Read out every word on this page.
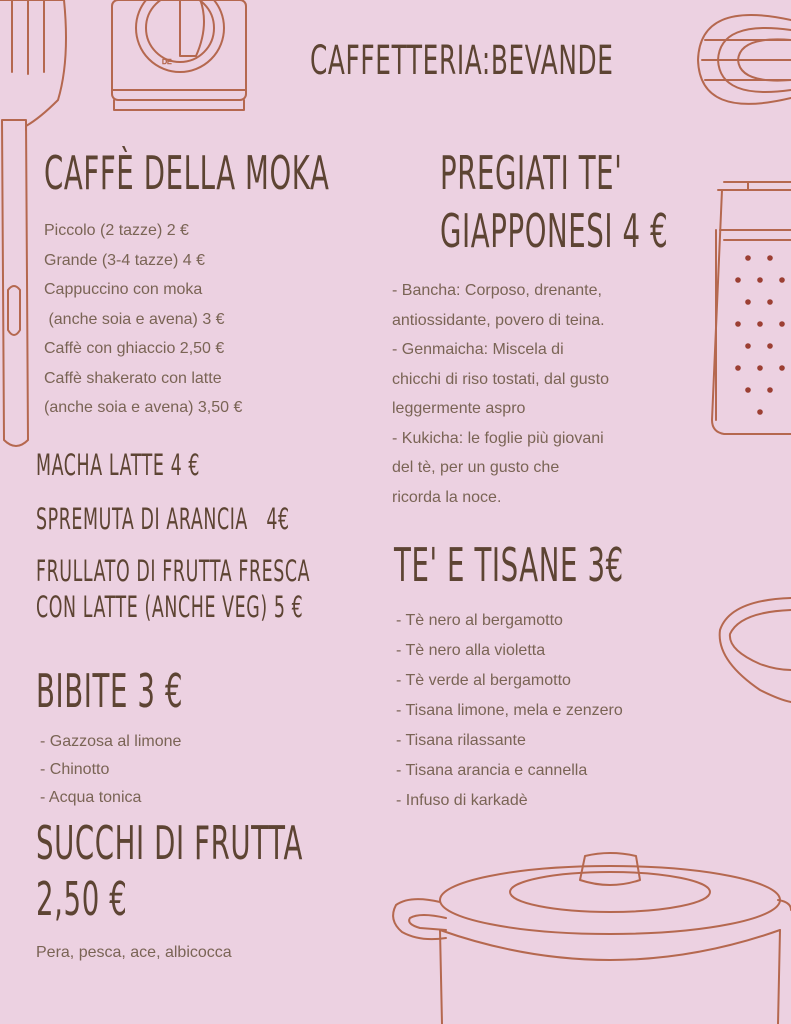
DE	CAFFETTERIA:BEVANDE
CAFFÈ DELLA MOKA
Piccolo (2 tazze) 2 €
Grande (3-4 tazze) 4 €
Cappuccino con moka
(anche soia e avena) 3 €
Caffè con ghiaccio 2,50 €
Caffè shakerato con latte
(anche soia e avena) 3,50 €
MACHA LATTE 4 €
SPREMUTA DI ARANCIA   4€
FRULLATO DI FRUTTA FRESCA
CON LATTE (ANCHE VEG) 5 €
BIBITE 3 €
- Gazzosa al limone
- Chinotto
- Acqua tonica
SUCCHI DI FRUTTA
2,50 €
Pera, pesca, ace, albicocca
PREGIATI TE'
GIAPPONESI 4 €
- Bancha: Corposo, drenante,
antiossidante, povero di teina.
- Genmaicha: Miscela di
chicchi di riso tostati, dal gusto
leggermente aspro
- Kukicha: le foglie più giovani
del tè, per un gusto che
ricorda la noce.
TE' E TISANE 3€
- Tè nero al bergamotto
- Tè nero alla violetta
- Tè verde al bergamotto
- Tisana limone, mela e zenzero
- Tisana rilassante
- Tisana arancia e cannella
- Infuso di karkadè
